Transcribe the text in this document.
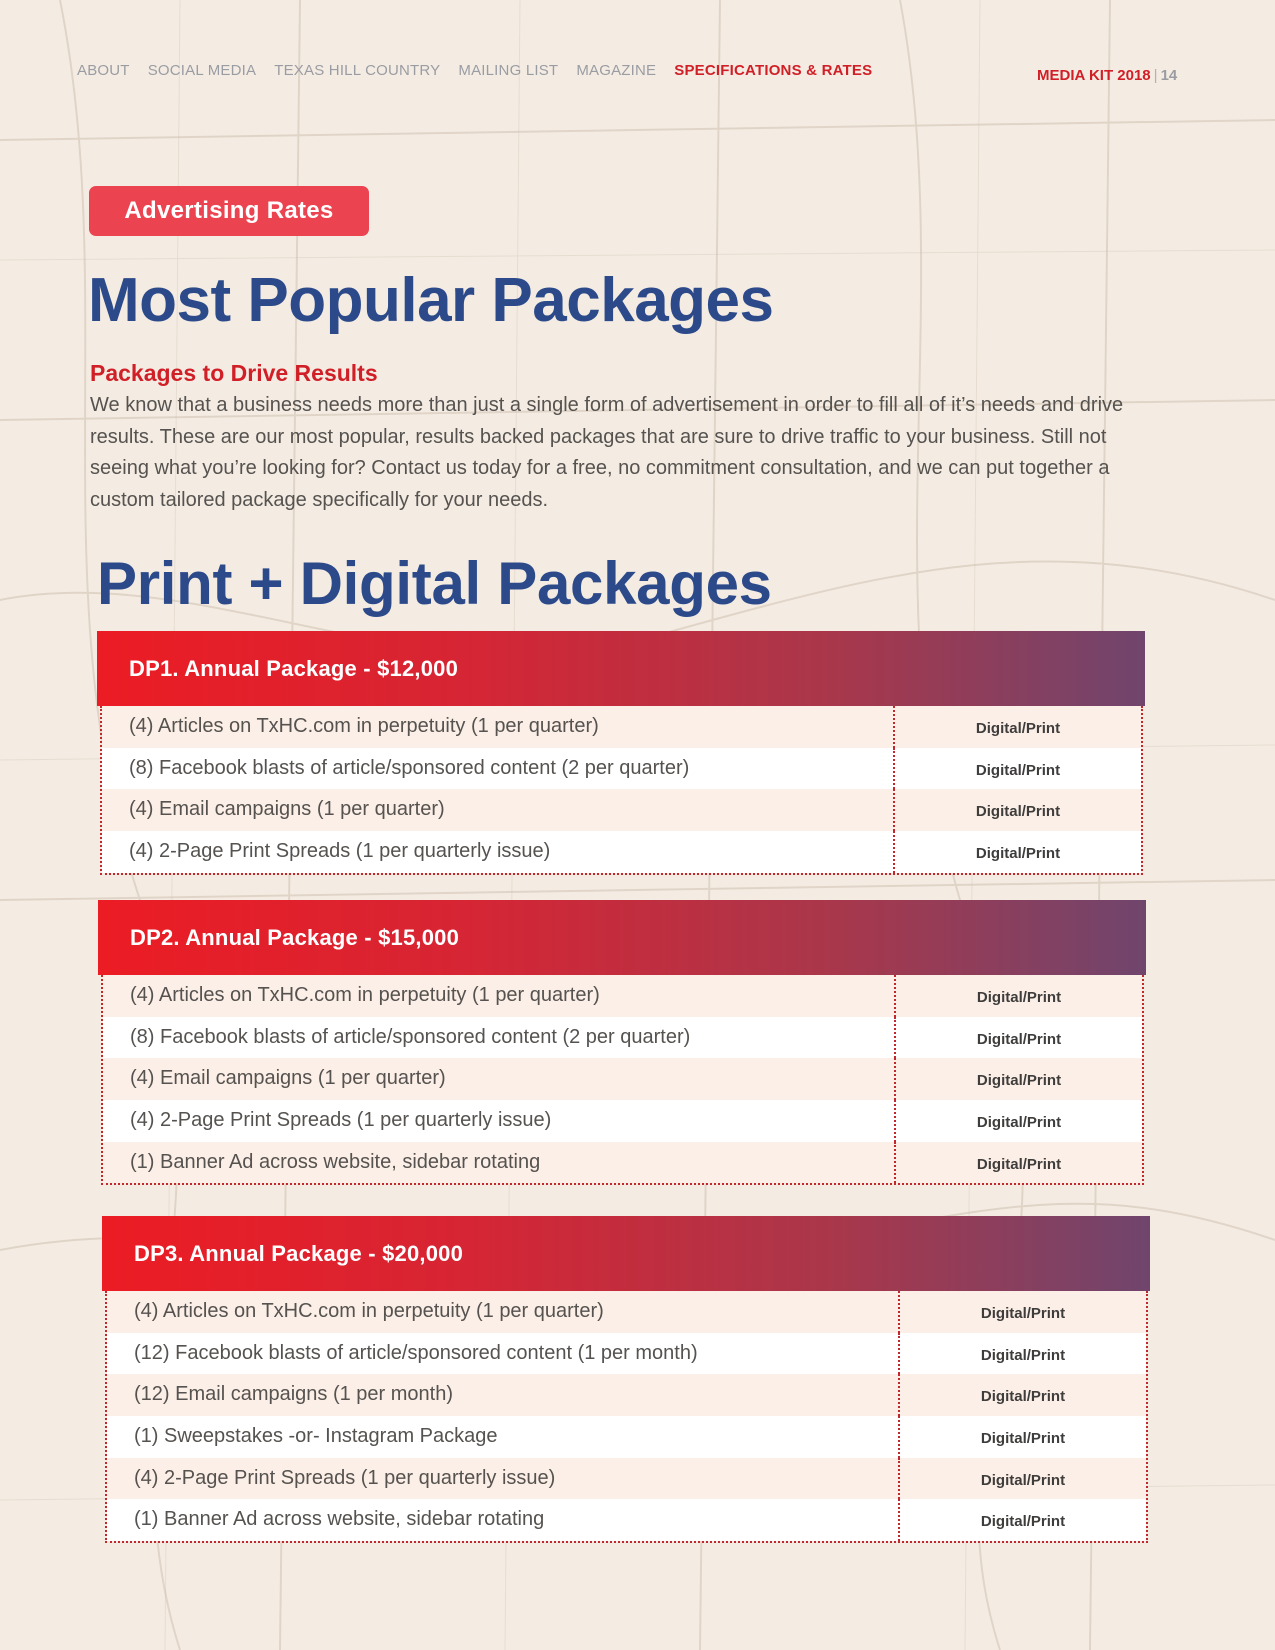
ABOUT SOCIAL MEDIA TEXAS HILL COUNTRY MAILING LIST MAGAZINE SPECIFICATIONS & RATES	MEDIA KIT 2018 | 14
Advertising Rates
Most Popular Packages
Packages to Drive Results

We know that a business needs more than just a single form of advertisement in order to fill all of it’s needs and drive results. These are our most popular, results backed packages that are sure to drive traffic to your business. Still not seeing what you’re looking for? Contact us today for a free, no commitment consultation, and we can put together a custom tailored package specifically for your needs.

Print + Digital Packages
DP1. Annual Package - $12,000
(4) Articles on TxHC.com in perpetuity (1 per quarter)	Digital/Print
(8) Facebook blasts of article/sponsored content (2 per quarter)	Digital/Print
(4) Email campaigns (1 per quarter)	Digital/Print
(4) 2-Page Print Spreads (1 per quarterly issue)	Digital/Print
DP2. Annual Package - $15,000
(4) Articles on TxHC.com in perpetuity (1 per quarter)	Digital/Print
(8) Facebook blasts of article/sponsored content (2 per quarter)	Digital/Print
(4) Email campaigns (1 per quarter)	Digital/Print
(4) 2-Page Print Spreads (1 per quarterly issue)	Digital/Print
(1) Banner Ad across website, sidebar rotating	Digital/Print
DP3. Annual Package - $20,000
(4) Articles on TxHC.com in perpetuity (1 per quarter)	Digital/Print
(12) Facebook blasts of article/sponsored content (1 per month)	Digital/Print
(12) Email campaigns (1 per month)	Digital/Print
(1) Sweepstakes -or- Instagram Package	Digital/Print
(4) 2-Page Print Spreads (1 per quarterly issue)	Digital/Print
(1) Banner Ad across website, sidebar rotating	Digital/Print
